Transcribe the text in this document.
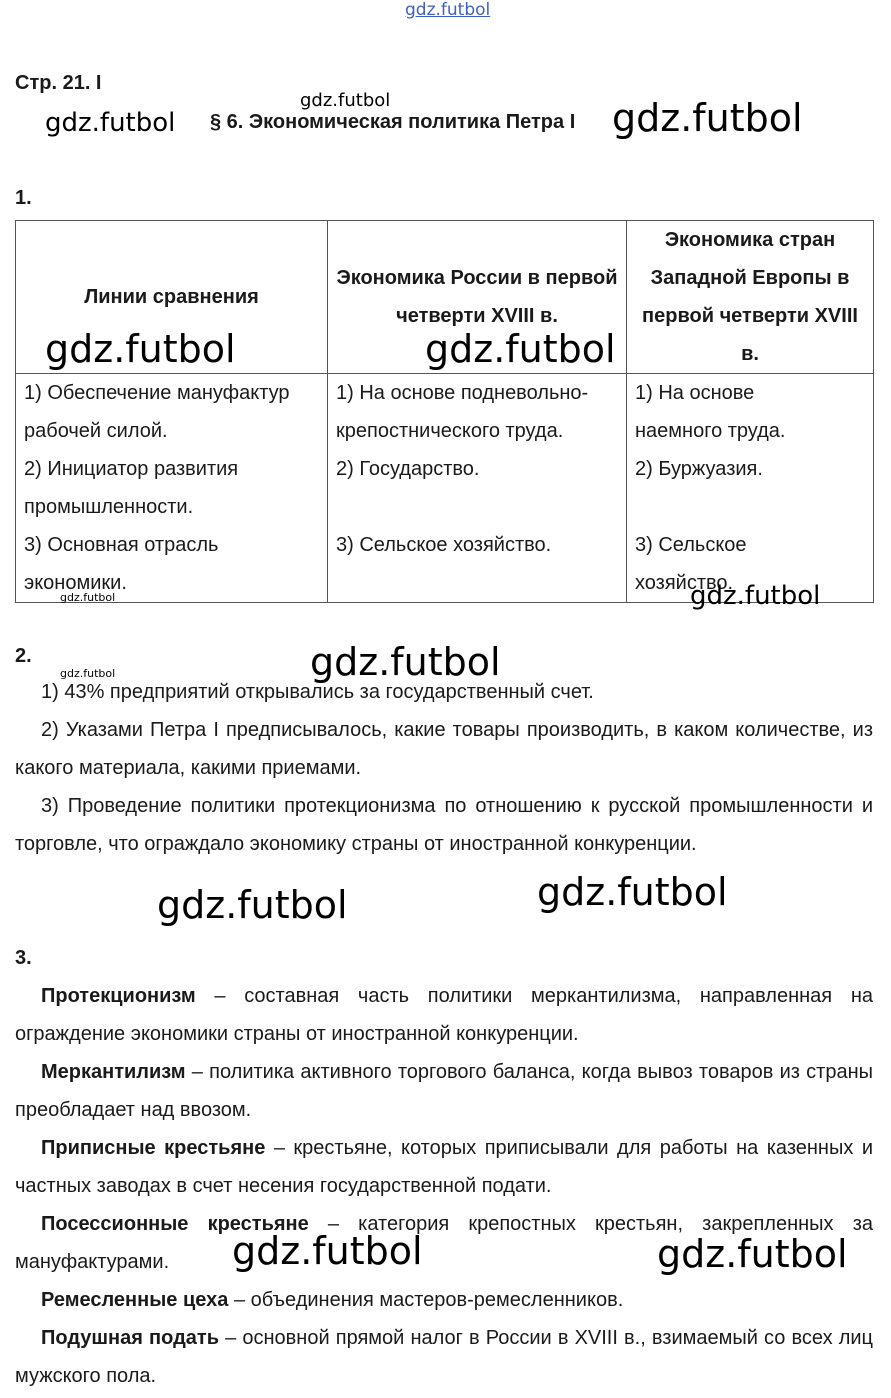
gdz.futbol
gdz.futbol
gdz.futbol	gdz.futbol
gdz.futbol	gdz.futbol
gdz.futbol	gdz.futbol
gdz.futbol
gdz.futbol
gdz.futbol
gdz.futbol
gdz.futbol	gdz.futbol
Стр. 21. I
§ 6. Экономическая политика Петра I
1.
Линии сравнения	Экономика России в первой четверти XVIII в.	Экономика стран Западной Европы в первой четверти XVIII в.

1) Обеспечение мануфактур рабочей силой.
2) Инициатор развития промышленности.
3) Основная отрасль экономики.	1) На основе подневольно-крепостнического труда.
2) Государство.
3) Сельское хозяйство.	1) На основе наемного труда.
2) Буржуазия.
3) Сельское хозяйство.
2.

1) 43% предприятий открывались за государственный счет.

2) Указами Петра I предписывалось, какие товары производить, в каком количестве, из какого материала, какими приемами.

3) Проведение политики протекционизма по отношению к русской промышленности и торговле, что ограждало экономику страны от иностранной конкуренции.

3.

Протекционизм – составная часть политики меркантилизма, направленная на ограждение экономики страны от иностранной конкуренции.

Меркантилизм – политика активного торгового баланса, когда вывоз товаров из страны преобладает над ввозом.

Приписные крестьяне – крестьяне, которых приписывали для работы на казенных и частных заводах в счет несения государственной подати.

Посессионные крестьяне – категория крепостных крестьян, закрепленных за мануфактурами.

Ремесленные цеха – объединения мастеров-ремесленников.

Подушная подать – основной прямой налог в России в XVIII в., взимаемый со всех лиц мужского пола.
